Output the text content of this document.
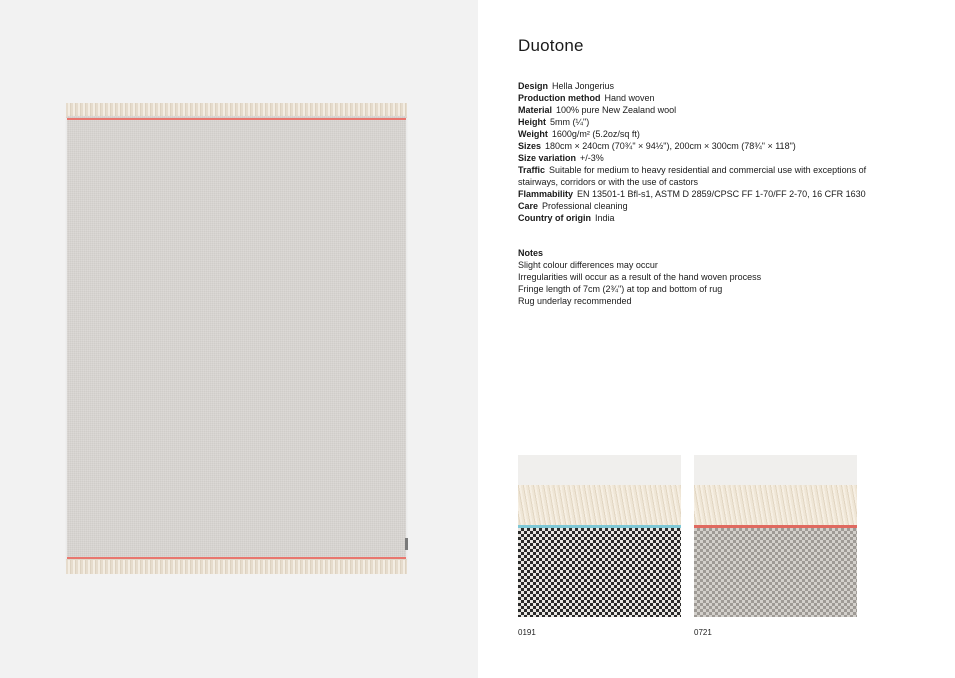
Duotone

Design Hella Jongerius

Production method Hand woven

Material 100% pure New Zealand wool

Height 5mm (¼")

Weight 1600g/m² (5.2oz/sq ft)

Sizes 180cm × 240cm (70¾" × 94½"), 200cm × 300cm (78¾" × 118")

Size variation +/-3%

Traffic Suitable for medium to heavy residential and commercial use with exceptions of stairways, corridors or with the use of castors

Flammability EN 13501-1 Bfl-s1, ASTM D 2859/CPSC FF 1-70/FF 2-70, 16 CFR 1630

Care Professional cleaning

Country of origin India

Notes

Slight colour differences may occur

Irregularities will occur as a result of the hand woven process

Fringe length of 7cm (2¾") at top and bottom of rug

Rug underlay recommended

0191	0721
